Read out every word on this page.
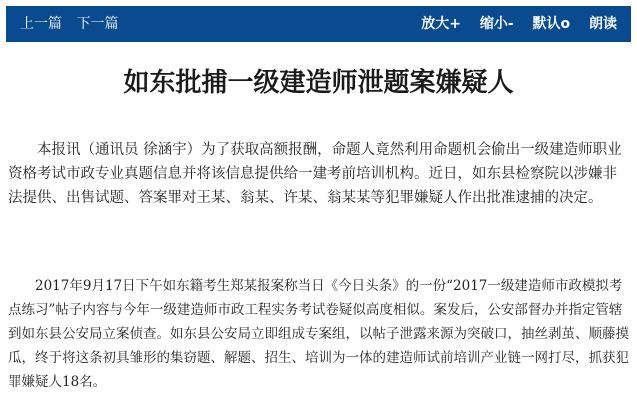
上一篇 下一篇	放大+ 缩小- 默认o 朗读
如东批捕一级建造师泄题案嫌疑人

本报讯（通讯员 徐涵宇）为了获取高额报酬，命题人竟然利用命题机会偷出一级建造师职业资格考试市政专业真题信息并将该信息提供给一建考前培训机构。近日，如东县检察院以涉嫌非法提供、出售试题、答案罪对王某、翁某、许某、翁某某等犯罪嫌疑人作出批准逮捕的决定。

2017年9月17日下午如东籍考生郑某报案称当日《今日头条》的一份“2017一级建造师市政模拟考点练习”帖子内容与今年一级建造师市政工程实务考试卷疑似高度相似。案发后，公安部督办并指定管辖到如东县公安局立案侦查。如东县公安局立即组成专案组，以帖子泄露来源为突破口，抽丝剥茧、顺藤摸瓜，终于将这条初具雏形的集窃题、解题、招生、培训为一体的建造师试前培训产业链一网打尽，抓获犯罪嫌疑人18名。
